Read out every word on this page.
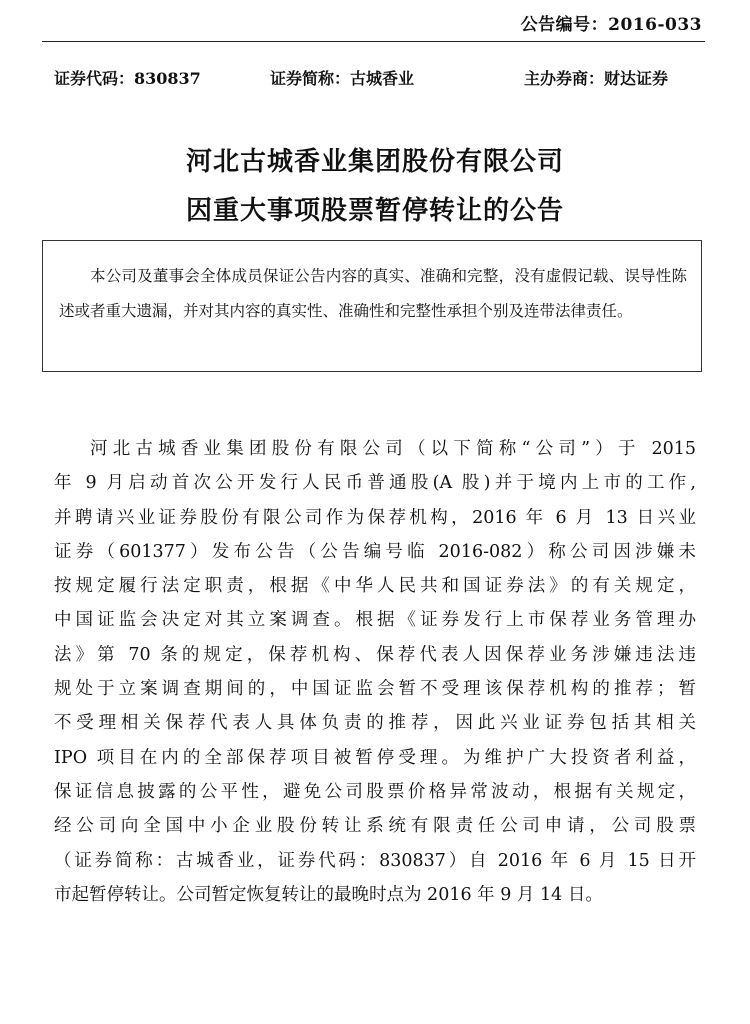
公告编号：2016-033
证券代码：830837	证券简称：古城香业	主办券商：财达证券
河北古城香业集团股份有限公司
因重大事项股票暂停转让的公告
本公司及董事会全体成员保证公告内容的真实、准确和完整，没有虚假记载、误导性陈述或者重大遗漏，并对其内容的真实性、准确性和完整性承担个别及连带法律责任。
河北古城香业集团股份有限公司（以下简称“公司”）于 2015
年 9 月启动首次公开发行人民币普通股(A 股)并于境内上市的工作,
并聘请兴业证券股份有限公司作为保荐机构，2016 年 6 月 13 日兴业
证券（601377）发布公告（公告编号临 2016-082）称公司因涉嫌未
按规定履行法定职责，根据《中华人民共和国证券法》的有关规定，
中国证监会决定对其立案调查。根据《证券发行上市保荐业务管理办
法》第 70 条的规定，保荐机构、保荐代表人因保荐业务涉嫌违法违
规处于立案调查期间的，中国证监会暂不受理该保荐机构的推荐；暂
不受理相关保荐代表人具体负责的推荐，因此兴业证券包括其相关
IPO 项目在内的全部保荐项目被暂停受理。为维护广大投资者利益，
保证信息披露的公平性，避免公司股票价格异常波动，根据有关规定，
经公司向全国中小企业股份转让系统有限责任公司申请，公司股票
（证券简称：古城香业，证券代码：830837）自 2016 年 6 月 15 日开
市起暂停转让。公司暂定恢复转让的最晚时点为 2016 年 9 月 14 日。
